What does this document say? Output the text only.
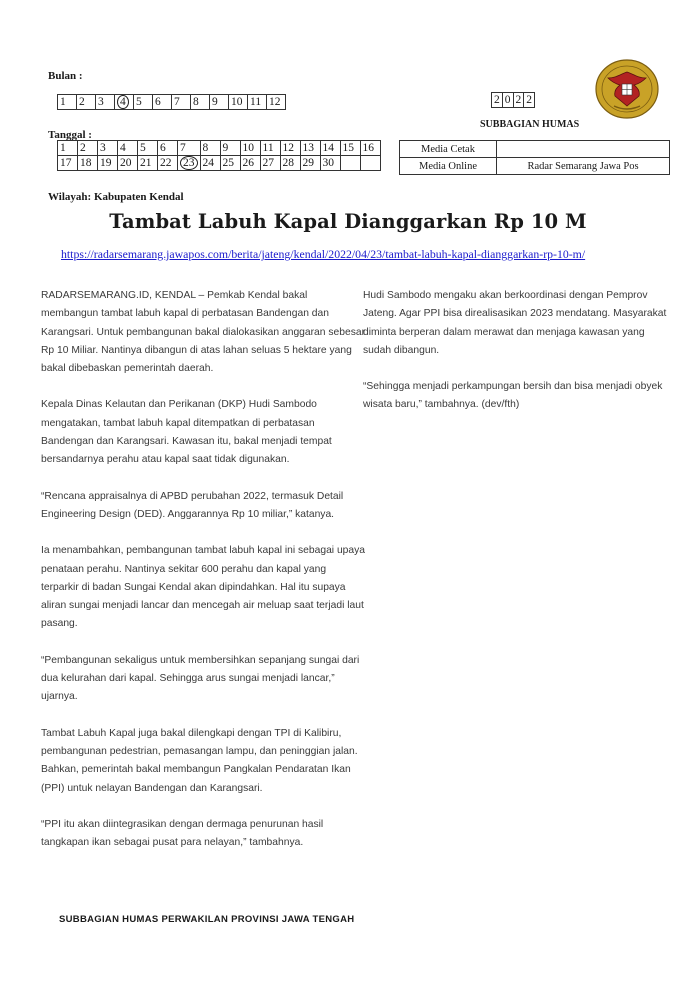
Bulan :
1	2	3	4	5	6	7	8	9	10	11	12	2	0	2	2
SUBBAGIAN HUMAS
Tanggal :
1	2	3	4	5	6	7	8	9	10	11	12	13	14	15	16
17	18	19	20	21	22	23	24	25	26	27	28	29	30		
Media Cetak	
Media Online	Radar Semarang Jawa Pos
Wilayah: Kabupaten Kendal
Tambat Labuh Kapal Dianggarkan Rp 10 M
https://radarsemarang.jawapos.com/berita/jateng/kendal/2022/04/23/tambat-labuh-kapal-dianggarkan-rp-10-m/

RADARSEMARANG.ID, KENDAL – Pemkab Kendal bakal membangun tambat labuh kapal di perbatasan Bandengan dan Karangsari. Untuk pembangunan bakal dialokasikan anggaran sebesar Rp 10 Miliar. Nantinya dibangun di atas lahan seluas 5 hektare yang bakal dibebaskan pemerintah daerah.

Kepala Dinas Kelautan dan Perikanan (DKP) Hudi Sambodo mengatakan, tambat labuh kapal ditempatkan di perbatasan Bandengan dan Karangsari. Kawasan itu, bakal menjadi tempat bersandarnya perahu atau kapal saat tidak digunakan.

“Rencana appraisalnya di APBD perubahan 2022, termasuk Detail Engineering Design (DED). Anggarannya Rp 10 miliar,” katanya.

Ia menambahkan, pembangunan tambat labuh kapal ini sebagai upaya penataan perahu. Nantinya sekitar 600 perahu dan kapal yang terparkir di badan Sungai Kendal akan dipindahkan. Hal itu supaya aliran sungai menjadi lancar dan mencegah air meluap saat terjadi laut pasang.

“Pembangunan sekaligus untuk membersihkan sepanjang sungai dari dua kelurahan dari kapal. Sehingga arus sungai menjadi lancar,” ujarnya.

Tambat Labuh Kapal juga bakal dilengkapi dengan TPI di Kalibiru, pembangunan pedestrian, pemasangan lampu, dan peninggian jalan. Bahkan, pemerintah bakal membangun Pangkalan Pendaratan Ikan (PPI) untuk nelayan Bandengan dan Karangsari.

“PPI itu akan diintegrasikan dengan dermaga penurunan hasil tangkapan ikan sebagai pusat para nelayan,” tambahnya.

Hudi Sambodo mengaku akan berkoordinasi dengan Pemprov Jateng. Agar PPI bisa direalisasikan 2023 mendatang. Masyarakat diminta berperan dalam merawat dan menjaga kawasan yang sudah dibangun.

“Sehingga menjadi perkampungan bersih dan bisa menjadi obyek wisata baru,” tambahnya. (dev/fth)

SUBBAGIAN HUMAS PERWAKILAN PROVINSI JAWA TENGAH
